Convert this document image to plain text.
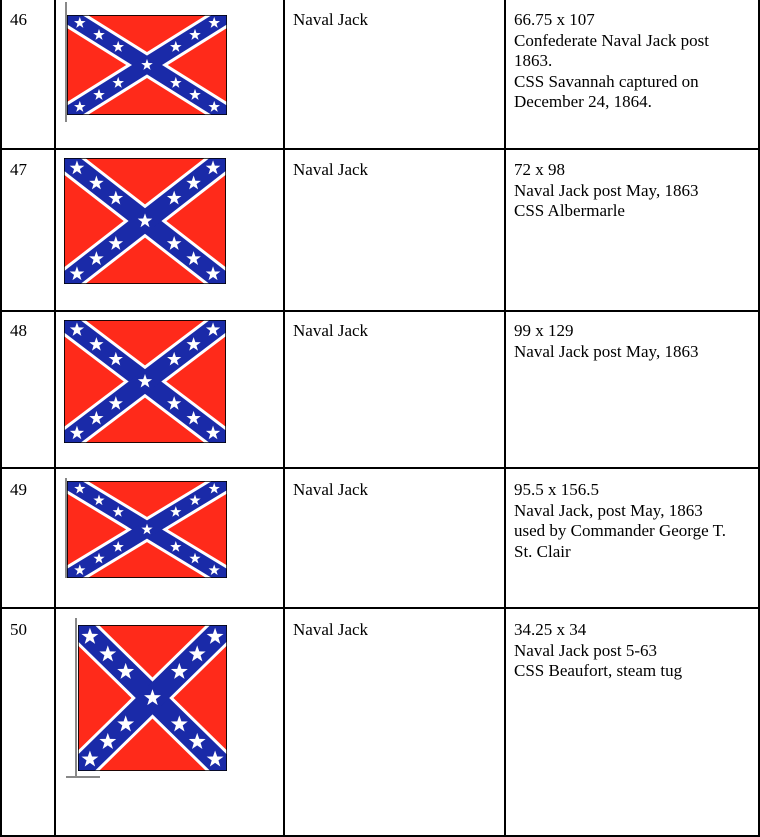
46	Naval Jack	66.75 x 107
Confederate Naval Jack post
1863.
CSS Savannah captured on
December 24, 1864.
47	Naval Jack	72 x 98
Naval Jack post May, 1863
CSS Albermarle
48	Naval Jack	99 x 129
Naval Jack post May, 1863
49	Naval Jack	95.5 x 156.5
Naval Jack, post May, 1863
used by Commander George T.
St. Clair
50	Naval Jack	34.25 x 34
Naval Jack post 5-63
CSS Beaufort, steam tug
